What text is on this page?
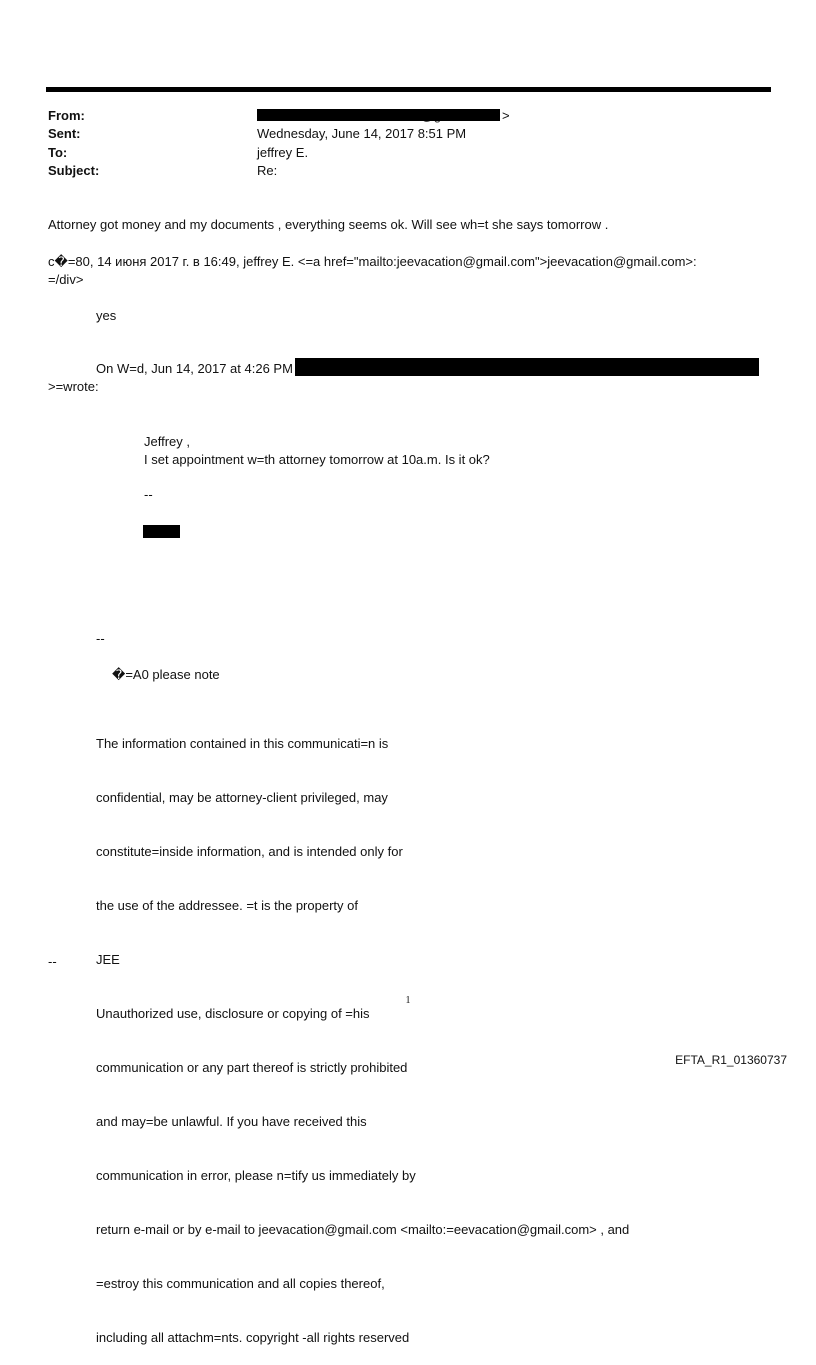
From:	>
Sent:	Wednesday, June 14, 2017 8:51 PM
To:	jeffrey E.
Subject:	Re:
Attorney got money and my documents , everything seems ok. Will see wh=t she says tomorrow .
c�=80, 14 июня 2017 г. в 16:49, jeffrey E. <=a href="mailto:jeevacation@gmail.com">jeevacation@gmail.com>:
=/div>
yes
On W=d, Jun 14, 2017 at 4:26 PM
>=wrote:
Jeffrey ,
I set appointment w=th attorney tomorrow at 10a.m. Is it ok?
--
--
�=A0 please note

The information contained in this communicati=n is

confidential, may be attorney-client privileged, may

constitute=inside information, and is intended only for

the use of the addressee. =t is the property of

JEE

Unauthorized use, disclosure or copying of =his

communication or any part thereof is strictly prohibited

and may=be unlawful. If you have received this

communication in error, please n=tify us immediately by

return e-mail or by e-mail to jeevacation@gmail.com <mailto:=eevacation@gmail.com> , and

=estroy this communication and all copies thereof,

including all attachm=nts. copyright -all rights reserved

--
1
EFTA_R1_01360737
